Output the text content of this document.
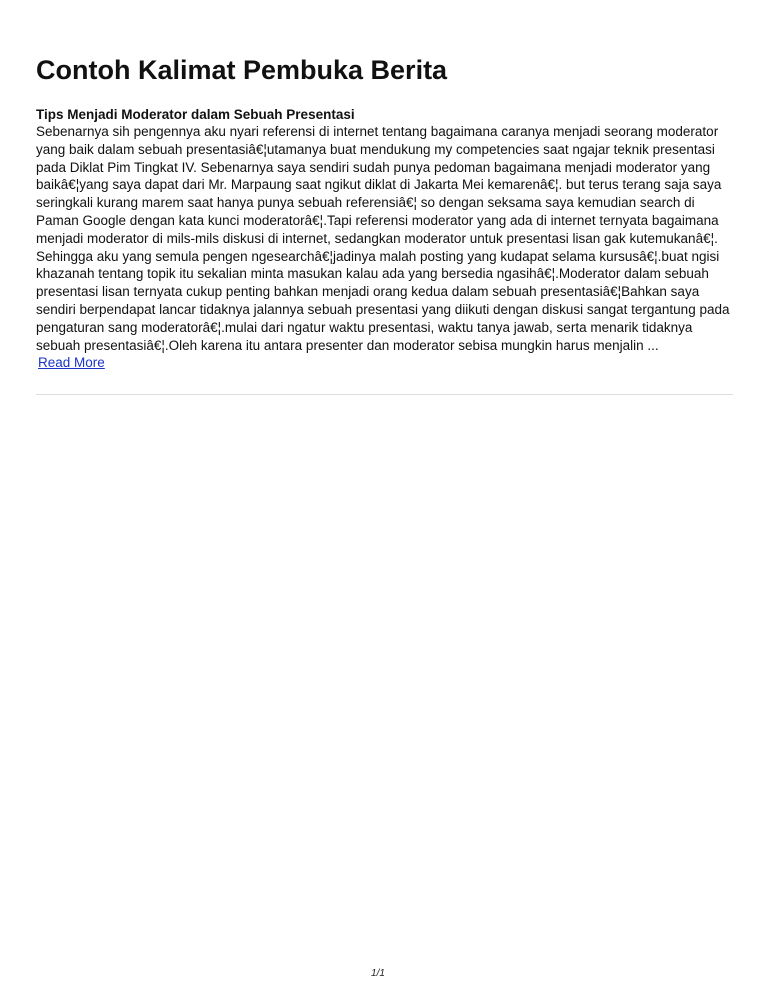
Contoh Kalimat Pembuka Berita
Tips Menjadi Moderator dalam Sebuah Presentasi

Sebenarnya sih pengennya aku nyari referensi di internet tentang bagaimana caranya menjadi seorang moderator yang baik dalam sebuah presentasiâ€¦utamanya buat mendukung my competencies saat ngajar teknik presentasi pada Diklat Pim Tingkat IV. Sebenarnya saya sendiri sudah punya pedoman bagaimana menjadi moderator yang baikâ€¦yang saya dapat dari Mr. Marpaung saat ngikut diklat di Jakarta Mei kemarenâ€¦. but terus terang saja saya seringkali kurang marem saat hanya punya sebuah referensiâ€¦ so dengan seksama saya kemudian search di Paman Google dengan kata kunci moderatorâ€¦.Tapi referensi moderator yang ada di internet ternyata bagaimana menjadi moderator di mils-mils diskusi di internet, sedangkan moderator untuk presentasi lisan gak kutemukanâ€¦. Sehingga aku yang semula pengen ngesearchâ€¦jadinya malah posting yang kudapat selama kursusâ€¦.buat ngisi khazanah tentang topik itu sekalian minta masukan kalau ada yang bersedia ngasihâ€¦.Moderator dalam sebuah presentasi lisan ternyata cukup penting bahkan menjadi orang kedua dalam sebuah presentasiâ€¦Bahkan saya sendiri berpendapat lancar tidaknya jalannya sebuah presentasi yang diikuti dengan diskusi sangat tergantung pada pengaturan sang moderatorâ€¦.mulai dari ngatur waktu presentasi, waktu tanya jawab, serta menarik tidaknya sebuah presentasiâ€¦.Oleh karena itu antara presenter dan moderator sebisa mungkin harus menjalin ...

Read More
1/1
